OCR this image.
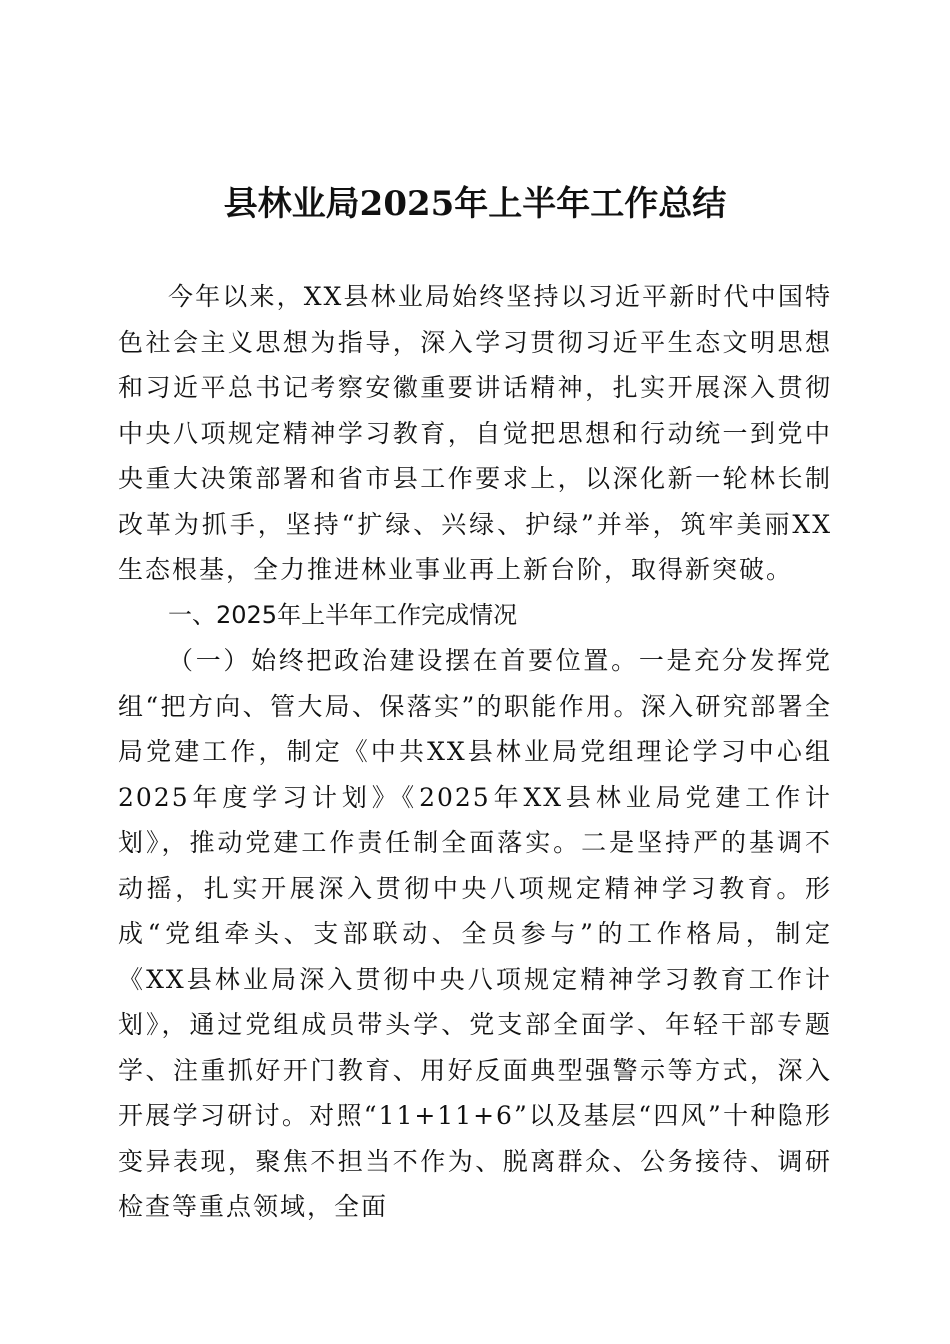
县林业局2025年上半年工作总结

今年以来，XX县林业局始终坚持以习近平新时代中国特色社会主义思想为指导，深入学习贯彻习近平生态文明思想和习近平总书记考察安徽重要讲话精神，扎实开展深入贯彻中央八项规定精神学习教育，自觉把思想和行动统一到党中央重大决策部署和省市县工作要求上，以深化新一轮林长制改革为抓手，坚持“扩绿、兴绿、护绿”并举，筑牢美丽XX生态根基，全力推进林业事业再上新台阶，取得新突破。

一、2025年上半年工作完成情况

（一）始终把政治建设摆在首要位置。一是充分发挥党组“把方向、管大局、保落实”的职能作用。深入研究部署全局党建工作，制定《中共XX县林业局党组理论学习中心组2025年度学习计划》《2025年XX县林业局党建工作计划》，推动党建工作责任制全面落实。二是坚持严的基调不动摇，扎实开展深入贯彻中央八项规定精神学习教育。形成“党组牵头、支部联动、全员参与”的工作格局，制定《XX县林业局深入贯彻中央八项规定精神学习教育工作计划》，通过党组成员带头学、党支部全面学、年轻干部专题学、注重抓好开门教育、用好反面典型强警示等方式，深入开展学习研讨。对照“11+11+6”以及基层“四风”十种隐形变异表现，聚焦不担当不作为、脱离群众、公务接待、调研检查等重点领域，全面
